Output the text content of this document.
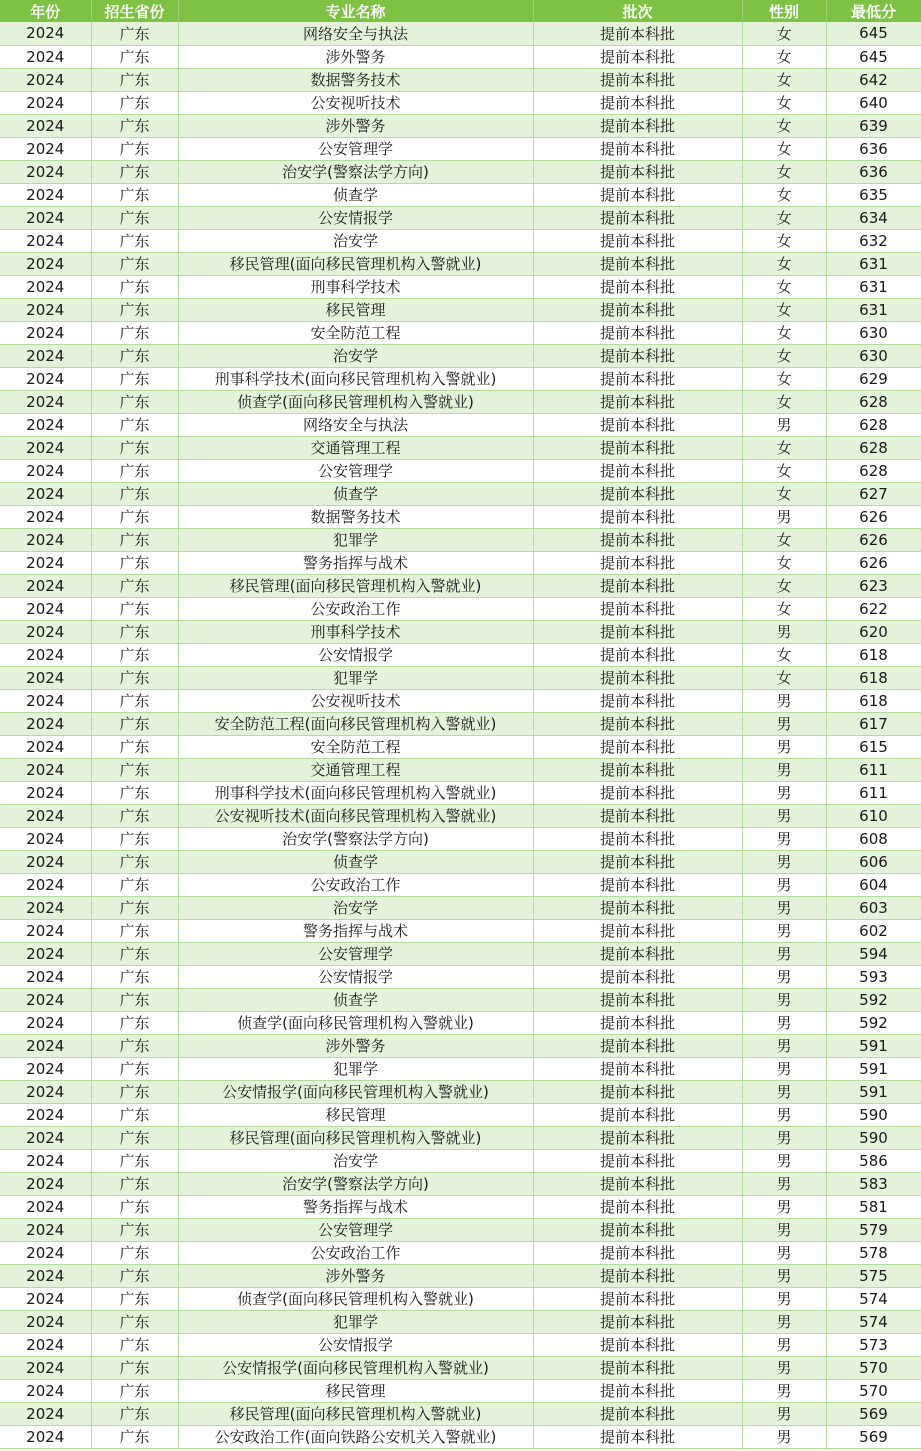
年份	招生省份	专业名称	批次	性别	最低分
2024	广东	网络安全与执法	提前本科批	女	645
2024	广东	涉外警务	提前本科批	女	645
2024	广东	数据警务技术	提前本科批	女	642
2024	广东	公安视听技术	提前本科批	女	640
2024	广东	涉外警务	提前本科批	女	639
2024	广东	公安管理学	提前本科批	女	636
2024	广东	治安学(警察法学方向)	提前本科批	女	636
2024	广东	侦查学	提前本科批	女	635
2024	广东	公安情报学	提前本科批	女	634
2024	广东	治安学	提前本科批	女	632
2024	广东	移民管理(面向移民管理机构入警就业)	提前本科批	女	631
2024	广东	刑事科学技术	提前本科批	女	631
2024	广东	移民管理	提前本科批	女	631
2024	广东	安全防范工程	提前本科批	女	630
2024	广东	治安学	提前本科批	女	630
2024	广东	刑事科学技术(面向移民管理机构入警就业)	提前本科批	女	629
2024	广东	侦查学(面向移民管理机构入警就业)	提前本科批	女	628
2024	广东	网络安全与执法	提前本科批	男	628
2024	广东	交通管理工程	提前本科批	女	628
2024	广东	公安管理学	提前本科批	女	628
2024	广东	侦查学	提前本科批	女	627
2024	广东	数据警务技术	提前本科批	男	626
2024	广东	犯罪学	提前本科批	女	626
2024	广东	警务指挥与战术	提前本科批	女	626
2024	广东	移民管理(面向移民管理机构入警就业)	提前本科批	女	623
2024	广东	公安政治工作	提前本科批	女	622
2024	广东	刑事科学技术	提前本科批	男	620
2024	广东	公安情报学	提前本科批	女	618
2024	广东	犯罪学	提前本科批	女	618
2024	广东	公安视听技术	提前本科批	男	618
2024	广东	安全防范工程(面向移民管理机构入警就业)	提前本科批	男	617
2024	广东	安全防范工程	提前本科批	男	615
2024	广东	交通管理工程	提前本科批	男	611
2024	广东	刑事科学技术(面向移民管理机构入警就业)	提前本科批	男	611
2024	广东	公安视听技术(面向移民管理机构入警就业)	提前本科批	男	610
2024	广东	治安学(警察法学方向)	提前本科批	男	608
2024	广东	侦查学	提前本科批	男	606
2024	广东	公安政治工作	提前本科批	男	604
2024	广东	治安学	提前本科批	男	603
2024	广东	警务指挥与战术	提前本科批	男	602
2024	广东	公安管理学	提前本科批	男	594
2024	广东	公安情报学	提前本科批	男	593
2024	广东	侦查学	提前本科批	男	592
2024	广东	侦查学(面向移民管理机构入警就业)	提前本科批	男	592
2024	广东	涉外警务	提前本科批	男	591
2024	广东	犯罪学	提前本科批	男	591
2024	广东	公安情报学(面向移民管理机构入警就业)	提前本科批	男	591
2024	广东	移民管理	提前本科批	男	590
2024	广东	移民管理(面向移民管理机构入警就业)	提前本科批	男	590
2024	广东	治安学	提前本科批	男	586
2024	广东	治安学(警察法学方向)	提前本科批	男	583
2024	广东	警务指挥与战术	提前本科批	男	581
2024	广东	公安管理学	提前本科批	男	579
2024	广东	公安政治工作	提前本科批	男	578
2024	广东	涉外警务	提前本科批	男	575
2024	广东	侦查学(面向移民管理机构入警就业)	提前本科批	男	574
2024	广东	犯罪学	提前本科批	男	574
2024	广东	公安情报学	提前本科批	男	573
2024	广东	公安情报学(面向移民管理机构入警就业)	提前本科批	男	570
2024	广东	移民管理	提前本科批	男	570
2024	广东	移民管理(面向移民管理机构入警就业)	提前本科批	男	569
2024	广东	公安政治工作(面向铁路公安机关入警就业)	提前本科批	男	569
